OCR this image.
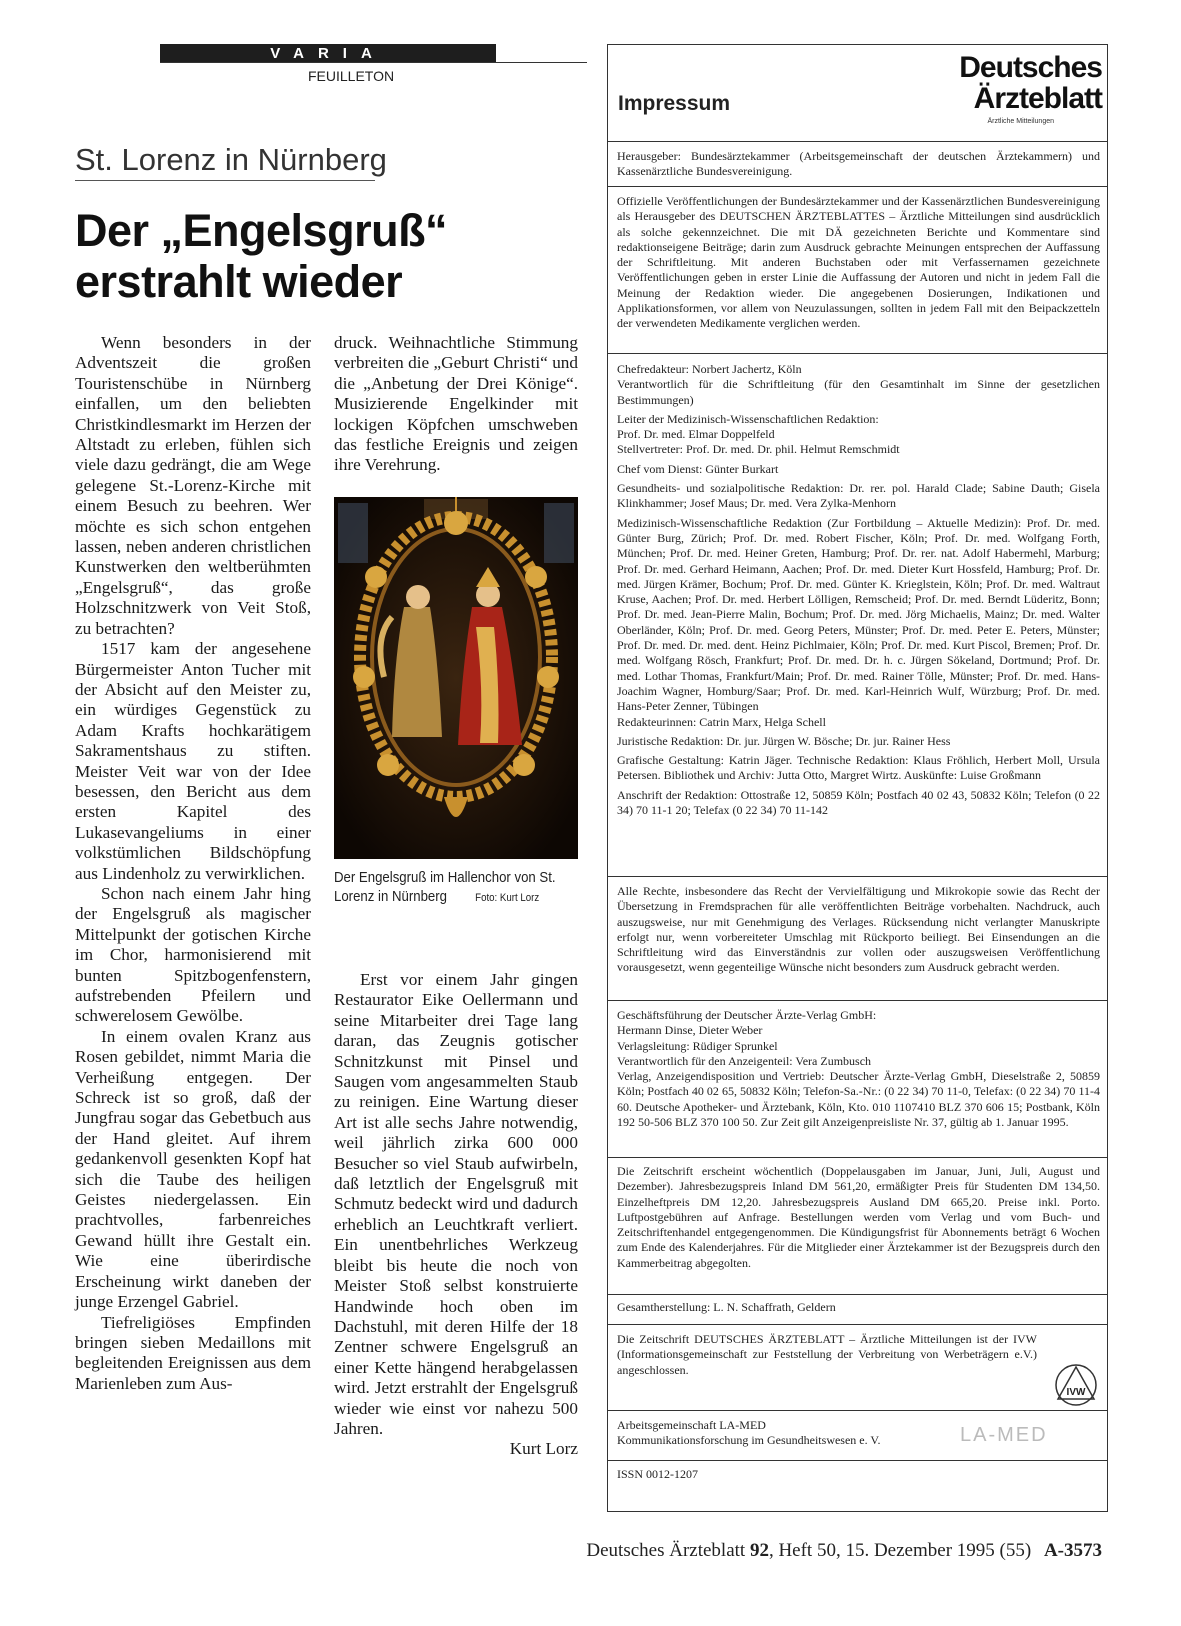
VARIA
FEUILLETON
St. Lorenz in Nürnberg
Der „Engelsgruß“
erstrahlt wieder

Wenn besonders in der Adventszeit die großen Touristenschübe in Nürnberg einfallen, um den beliebten Christkindlesmarkt im Herzen der Altstadt zu erleben, fühlen sich viele dazu gedrängt, die am Wege gelegene St.-Lorenz-Kirche mit einem Besuch zu beehren. Wer möchte es sich schon entgehen lassen, neben anderen christlichen Kunstwerken den weltberühmten „Engelsgruß“, das große Holzschnitzwerk von Veit Stoß, zu betrachten?

1517 kam der angesehene Bürgermeister Anton Tucher mit der Absicht auf den Meister zu, ein würdiges Gegenstück zu Adam Krafts hochkarätigem Sakramentshaus zu stiften. Meister Veit war von der Idee besessen, den Bericht aus dem ersten Kapitel des Lukasevangeliums in einer volkstümlichen Bildschöpfung aus Lindenholz zu verwirklichen.

Schon nach einem Jahr hing der Engelsgruß als magischer Mittelpunkt der gotischen Kirche im Chor, harmonisierend mit bunten Spitzbogenfenstern, aufstrebenden Pfeilern und schwerelosem Gewölbe.

In einem ovalen Kranz aus Rosen gebildet, nimmt Maria die Verheißung entgegen. Der Schreck ist so groß, daß der Jungfrau sogar das Gebetbuch aus der Hand gleitet. Auf ihrem gedankenvoll gesenkten Kopf hat sich die Taube des heiligen Geistes niedergelassen. Ein prachtvolles, farbenreiches Gewand hüllt ihre Gestalt ein. Wie eine überirdische Erscheinung wirkt daneben der junge Erzengel Gabriel.

Tiefreligiöses Empfinden bringen sieben Medaillons mit begleitenden Ereignissen aus dem Marienleben zum Aus-

druck. Weihnachtliche Stimmung verbreiten die „Geburt Christi“ und die „Anbetung der Drei Könige“. Musizierende Engelkinder mit lockigen Köpfchen umschweben das festliche Ereignis und zeigen ihre Verehrung.

Der Engelsgruß im Hallenchor von St. Lorenz in Nürnberg	Foto: Kurt Lorz

Erst vor einem Jahr gingen Restaurator Eike Oellermann und seine Mitarbeiter drei Tage lang daran, das Zeugnis gotischer Schnitzkunst mit Pinsel und Saugen vom angesammelten Staub zu reinigen. Eine Wartung dieser Art ist alle sechs Jahre notwendig, weil jährlich zirka 600 000 Besucher so viel Staub aufwirbeln, daß letztlich der Engelsgruß mit Schmutz bedeckt wird und dadurch erheblich an Leuchtkraft verliert. Ein unentbehrliches Werkzeug bleibt bis heute die noch von Meister Stoß selbst konstruierte Handwinde hoch oben im Dachstuhl, mit deren Hilfe der 18 Zentner schwere Engelsgruß an einer Kette hängend herabgelassen wird. Jetzt erstrahlt der Engelsgruß wieder wie einst vor nahezu 500 Jahren.

Kurt Lorz
Impressum
Deutsches
Ärzteblatt
Ärztliche Mitteilungen
Herausgeber: Bundesärztekammer (Arbeitsgemeinschaft der deutschen Ärztekammern) und Kassenärztliche Bundesvereinigung.
Offizielle Veröffentlichungen der Bundesärztekammer und der Kassenärztlichen Bundesvereinigung als Herausgeber des DEUTSCHEN ÄRZTEBLATTES – Ärztliche Mitteilungen sind ausdrücklich als solche gekennzeichnet. Die mit DÄ gezeichneten Berichte und Kommentare sind redaktionseigene Beiträge; darin zum Ausdruck gebrachte Meinungen entsprechen der Auffassung der Schriftleitung. Mit anderen Buchstaben oder mit Verfassernamen gezeichnete Veröffentlichungen geben in erster Linie die Auffassung der Autoren und nicht in jedem Fall die Meinung der Redaktion wieder. Die angegebenen Dosierungen, Indikationen und Applikationsformen, vor allem von Neuzulassungen, sollten in jedem Fall mit den Beipackzetteln der verwendeten Medikamente verglichen werden.

Chefredakteur: Norbert Jachertz, Köln

Verantwortlich für die Schriftleitung (für den Gesamtinhalt im Sinne der gesetzlichen Bestimmungen)

Leiter der Medizinisch-Wissenschaftlichen Redaktion:

Prof. Dr. med. Elmar Doppelfeld

Stellvertreter: Prof. Dr. med. Dr. phil. Helmut Remschmidt

Chef vom Dienst: Günter Burkart

Gesundheits- und sozialpolitische Redaktion: Dr. rer. pol. Harald Clade; Sabine Dauth; Gisela Klinkhammer; Josef Maus; Dr. med. Vera Zylka-Menhorn

Medizinisch-Wissenschaftliche Redaktion (Zur Fortbildung – Aktuelle Medizin): Prof. Dr. med. Günter Burg, Zürich; Prof. Dr. med. Robert Fischer, Köln; Prof. Dr. med. Wolfgang Forth, München; Prof. Dr. med. Heiner Greten, Hamburg; Prof. Dr. rer. nat. Adolf Habermehl, Marburg; Prof. Dr. med. Gerhard Heimann, Aachen; Prof. Dr. med. Dieter Kurt Hossfeld, Hamburg; Prof. Dr. med. Jürgen Krämer, Bochum; Prof. Dr. med. Günter K. Krieglstein, Köln; Prof. Dr. med. Waltraut Kruse, Aachen; Prof. Dr. med. Herbert Lölligen, Remscheid; Prof. Dr. med. Berndt Lüderitz, Bonn; Prof. Dr. med. Jean-Pierre Malin, Bochum; Prof. Dr. med. Jörg Michaelis, Mainz; Dr. med. Walter Oberländer, Köln; Prof. Dr. med. Georg Peters, Münster; Prof. Dr. med. Peter E. Peters, Münster; Prof. Dr. med. Dr. med. dent. Heinz Pichlmaier, Köln; Prof. Dr. med. Kurt Piscol, Bremen; Prof. Dr. med. Wolfgang Rösch, Frankfurt; Prof. Dr. med. Dr. h. c. Jürgen Sökeland, Dortmund; Prof. Dr. med. Lothar Thomas, Frankfurt/Main; Prof. Dr. med. Rainer Tölle, Münster; Prof. Dr. med. Hans-Joachim Wagner, Homburg/Saar; Prof. Dr. med. Karl-Heinrich Wulf, Würzburg; Prof. Dr. med. Hans-Peter Zenner, Tübingen

Redakteurinnen: Catrin Marx, Helga Schell

Juristische Redaktion: Dr. jur. Jürgen W. Bösche; Dr. jur. Rainer Hess

Grafische Gestaltung: Katrin Jäger. Technische Redaktion: Klaus Fröhlich, Herbert Moll, Ursula Petersen. Bibliothek und Archiv: Jutta Otto, Margret Wirtz. Auskünfte: Luise Großmann

Anschrift der Redaktion: Ottostraße 12, 50859 Köln; Postfach 40 02 43, 50832 Köln; Telefon (0 22 34) 70 11-1 20; Telefax (0 22 34) 70 11-142

Alle Rechte, insbesondere das Recht der Vervielfältigung und Mikrokopie sowie das Recht der Übersetzung in Fremdsprachen für alle veröffentlichten Beiträge vorbehalten. Nachdruck, auch auszugsweise, nur mit Genehmigung des Verlages. Rücksendung nicht verlangter Manuskripte erfolgt nur, wenn vorbereiteter Umschlag mit Rückporto beiliegt. Bei Einsendungen an die Schriftleitung wird das Einverständnis zur vollen oder auszugsweisen Veröffentlichung vorausgesetzt, wenn gegenteilige Wünsche nicht besonders zum Ausdruck gebracht werden.

Geschäftsführung der Deutscher Ärzte-Verlag GmbH:

Hermann Dinse, Dieter Weber

Verlagsleitung: Rüdiger Sprunkel

Verantwortlich für den Anzeigenteil: Vera Zumbusch

Verlag, Anzeigendisposition und Vertrieb: Deutscher Ärzte-Verlag GmbH, Dieselstraße 2, 50859 Köln; Postfach 40 02 65, 50832 Köln; Telefon-Sa.-Nr.: (0 22 34) 70 11-0, Telefax: (0 22 34) 70 11-4 60. Deutsche Apotheker- und Ärztebank, Köln, Kto. 010 1107410 BLZ 370 606 15; Postbank, Köln 192 50-506 BLZ 370 100 50. Zur Zeit gilt Anzeigenpreisliste Nr. 37, gültig ab 1. Januar 1995.

Die Zeitschrift erscheint wöchentlich (Doppelausgaben im Januar, Juni, Juli, August und Dezember). Jahresbezugspreis Inland DM 561,20, ermäßigter Preis für Studenten DM 134,50. Einzelheftpreis DM 12,20. Jahresbezugspreis Ausland DM 665,20. Preise inkl. Porto. Luftpostgebühren auf Anfrage. Bestellungen werden vom Verlag und vom Buch- und Zeitschriftenhandel entgegengenommen. Die Kündigungsfrist für Abonnements beträgt 6 Wochen zum Ende des Kalenderjahres. Für die Mitglieder einer Ärztekammer ist der Bezugspreis durch den Kammerbeitrag abgegolten.
Gesamtherstellung: L. N. Schaffrath, Geldern
Die Zeitschrift DEUTSCHES ÄRZTEBLATT – Ärztliche Mitteilungen ist der IVW (Informationsgemeinschaft zur Feststellung der Verbreitung von Werbeträgern e.V.) angeschlossen.
IVW

Arbeitsgemeinschaft LA-MED

Kommunikationsforschung im Gesundheitswesen e. V.	LA-MED
ISSN 0012-1207
Deutsches Ärzteblatt 92, Heft 50, 15. Dezember 1995 (55) A-3573
